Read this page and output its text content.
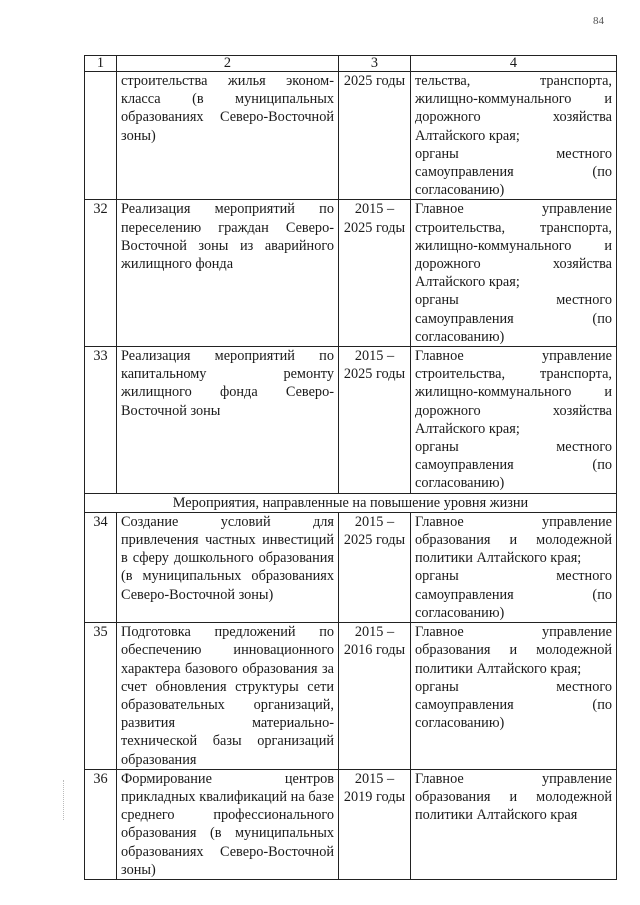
84
1	2	3	4
	строительства жилья эконом-класса (в муниципальных образованиях Северо-Восточной зоны)	2025 годы	тельства, транспорта, жилищно-коммунального и дорожного хозяйства Алтайского края;
органы местного самоуправления (по согласованию)

32	Реализация мероприятий по переселению граждан Северо-Восточной зоны из аварийного жилищного фонда	2015 – 2025 годы	Главное управление строительства, транспорта, жилищно-коммунального и дорожного хозяйства Алтайского края;
органы местного самоуправления (по согласованию)

33	Реализация мероприятий по капитальному ремонту жилищного фонда Северо-Восточной зоны	2015 – 2025 годы	Главное управление строительства, транспорта, жилищно-коммунального и дорожного хозяйства Алтайского края;
органы местного самоуправления (по согласованию)

Мероприятия, направленные на повышение уровня жизни			
34	Создание условий для привлечения частных инвестиций в сферу дошкольного образования (в муниципальных образованиях Северо-Восточной зоны)	2015 – 2025 годы	Главное управление образования и молодежной политики Алтайского края;
органы местного самоуправления (по согласованию)

35	Подготовка предложений по обеспечению инновационного характера базового образования за счет обновления структуры сети образовательных организаций, развития материально-технической базы организаций образования	2015 – 2016 годы	Главное управление образования и молодежной политики Алтайского края;
органы местного самоуправления (по согласованию)

36	Формирование центров прикладных квалификаций на базе среднего профессионального образования (в муниципальных образованиях Северо-Восточной зоны)	2015 – 2019 годы	Главное управление образования и молодежной политики Алтайского края
